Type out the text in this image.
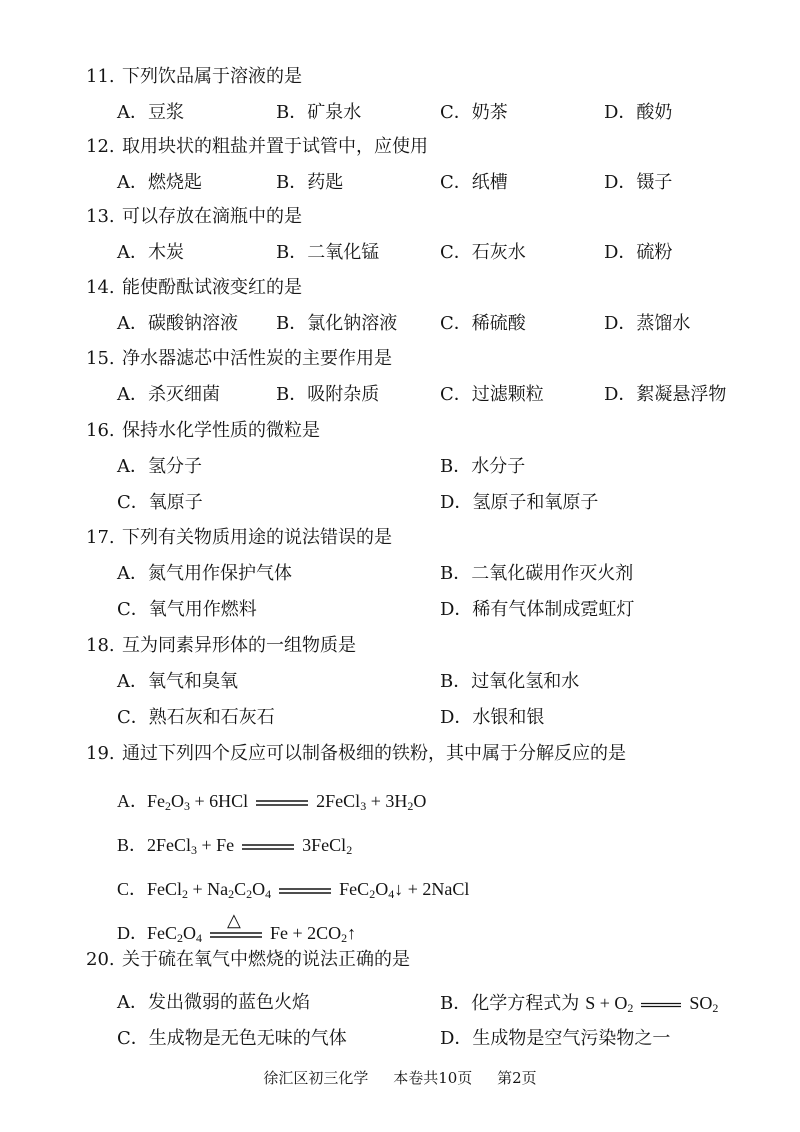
11. 下列饮品属于溶液的是
A．豆浆	B．矿泉水	C．奶茶	D．酸奶
12. 取用块状的粗盐并置于试管中，应使用
A．燃烧匙	B．药匙	C．纸槽	D．镊子
13. 可以存放在滴瓶中的是
A．木炭	B．二氧化锰	C．石灰水	D．硫粉
14. 能使酚酞试液变红的是
A．碳酸钠溶液 B．氯化钠溶液 C．稀硫酸	D．蒸馏水
15. 净水器滤芯中活性炭的主要作用是
A．杀灭细菌	B．吸附杂质	C．过滤颗粒	D．絮凝悬浮物
16. 保持水化学性质的微粒是
A．氢分子	B．水分子
C．氧原子	D．氢原子和氧原子
17. 下列有关物质用途的说法错误的是
A．氮气用作保护气体	B．二氧化碳用作灭火剂
C．氧气用作燃料	D．稀有气体制成霓虹灯
18. 互为同素异形体的一组物质是
A．氧气和臭氧	B．过氧化氢和水
C．熟石灰和石灰石	D．水银和银
19. 通过下列四个反应可以制备极细的铁粉，其中属于分解反应的是
A．$Fe_2O_3 + 6HCl$	2FeCl$_3$ + $3H_2O$
B．2FeCl$_3$ + Fe	3FeCl$_2$
C．FeCl$_2$ + $Na_2C_2O_4$	$FeC_2O_4↓$ + 2NaCl
D．$FeC_2O_4$
△
$Fe + 2CO_2↑$
20. 关于硫在氧气中燃烧的说法正确的是
A．发出微弱的蓝色火焰	B．化学方程式为 $S + O_2$	$SO_2$
C．生成物是无色无味的气体	D．生成物是空气污染物之一
徐汇区初三化学 本卷共10页 第2页
